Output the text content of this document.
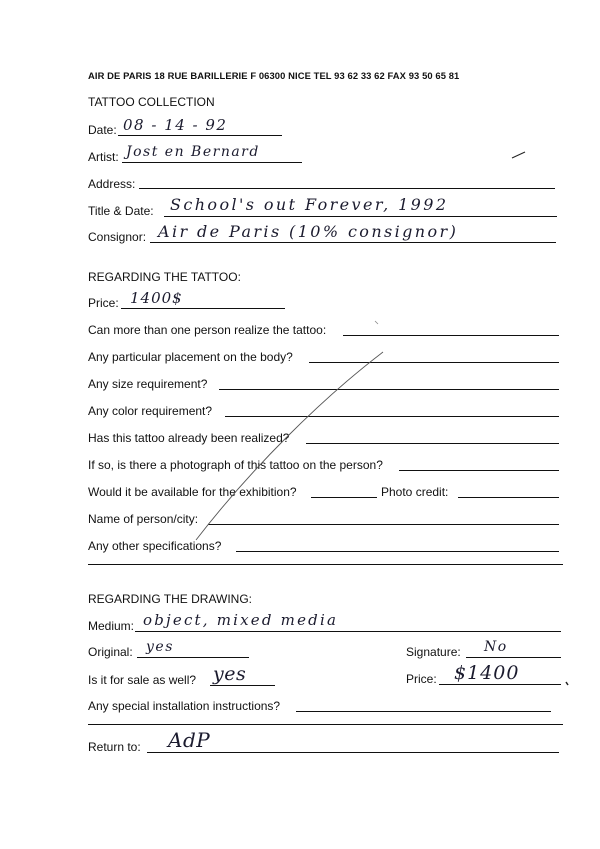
AIR DE PARIS 18 RUE BARILLERIE F 06300 NICE TEL 93 62 33 62 FAX 93 50 65 81
TATTOO COLLECTION
Date: 08 - 14 - 92
Artist: Jost en Bernard
Address:
Title & Date: School's out Forever, 1992
Consignor: Air de Paris (10% consignor)
REGARDING THE TATTOO:
Price: 1400$
Can more than one person realize the tattoo:
Any particular placement on the body?
Any size requirement?
Any color requirement?
Has this tattoo already been realized?
If so, is there a photograph of this tattoo on the person?
Would it be available for the exhibition?	Photo credit:
Name of person/city:
Any other specifications?
REGARDING THE DRAWING:
Medium: object, mixed media
Original: yes	Signature: No
Is it for sale as well? yes	Price: $1400
Any special installation instructions?
Return to: AdP
